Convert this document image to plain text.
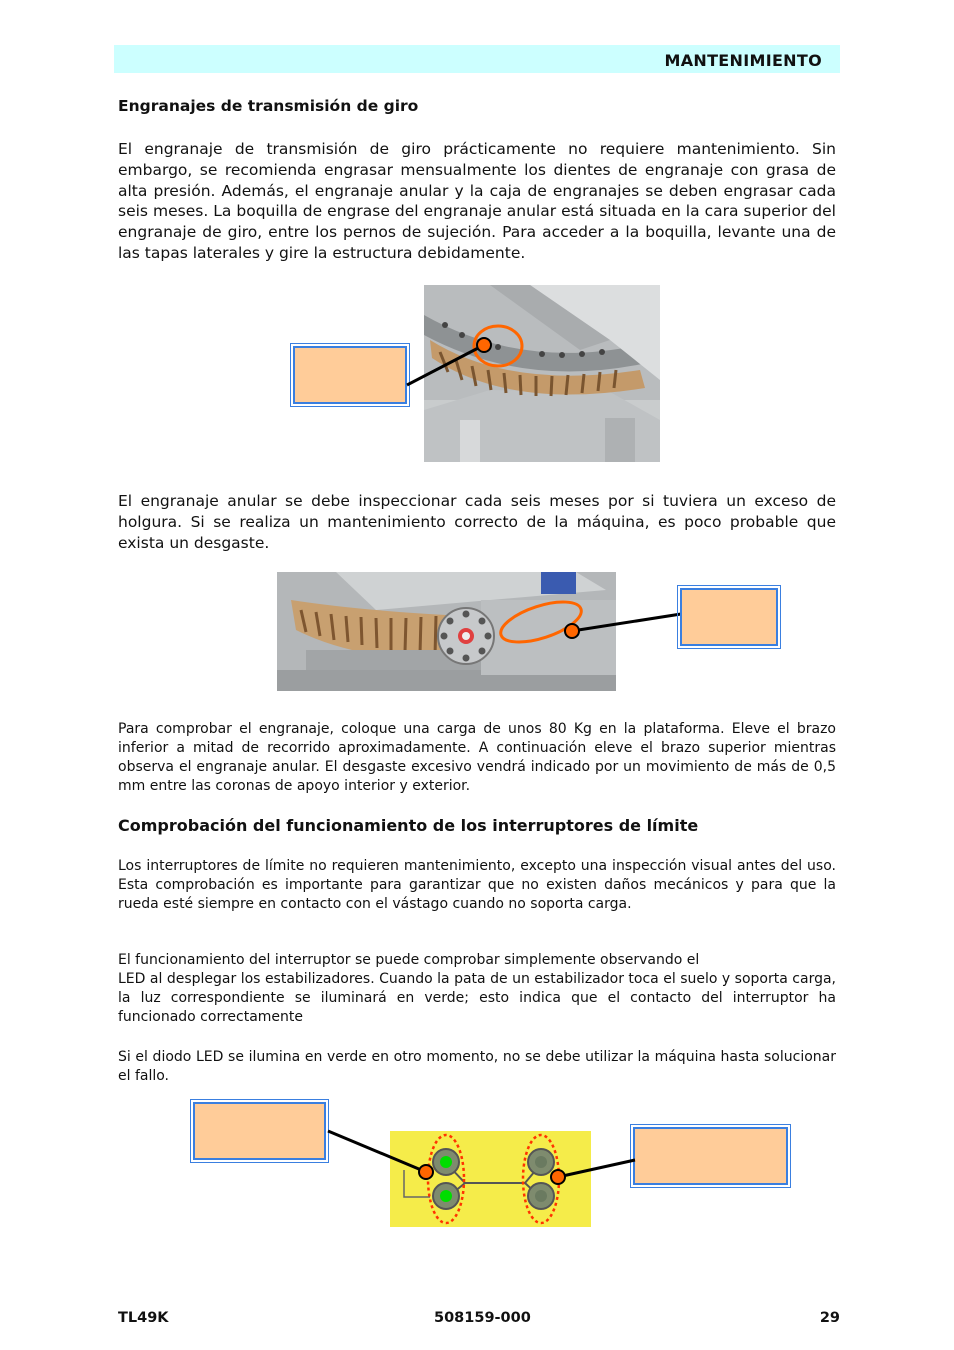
MANTENIMIENTO
Engranajes de transmisión de giro
El engranaje de transmisión de giro prácticamente no requiere mantenimiento. Sin embargo, se recomienda engrasar mensualmente los dientes de engranaje con grasa de alta presión. Además, el engranaje anular y la caja de engranajes se deben engrasar cada seis meses. La boquilla de engrase del engranaje anular está situada en la cara superior del engranaje de giro, entre los pernos de sujeción. Para acceder a la boquilla, levante una de las tapas laterales y gire la estructura debidamente.
El engranaje anular se debe inspeccionar cada seis meses por si tuviera un exceso de holgura. Si se realiza un mantenimiento correcto de la máquina, es poco probable que exista un desgaste.
Para comprobar el engranaje, coloque una carga de unos 80 Kg en la plataforma. Eleve el brazo inferior a mitad de recorrido aproximadamente. A continuación eleve el brazo superior mientras observa el engranaje anular. El desgaste excesivo vendrá indicado por un movimiento de más de 0,5 mm entre las coronas de apoyo interior y exterior.
Comprobación del funcionamiento de los interruptores de límite
Los interruptores de límite no requieren mantenimiento, excepto una inspección visual antes del uso. Esta comprobación es importante para garantizar que no existen daños mecánicos y para que la rueda esté siempre en contacto con el vástago cuando no soporta carga.
El funcionamiento del interruptor se puede comprobar simplemente observando el
LED al desplegar los estabilizadores. Cuando la pata de un estabilizador toca el suelo y soporta carga, la luz correspondiente se iluminará en verde; esto indica que el contacto del interruptor ha funcionado correctamente
Si el diodo LED se ilumina en verde en otro momento, no se debe utilizar la máquina hasta solucionar el fallo.
TL49K	508159-000	29
